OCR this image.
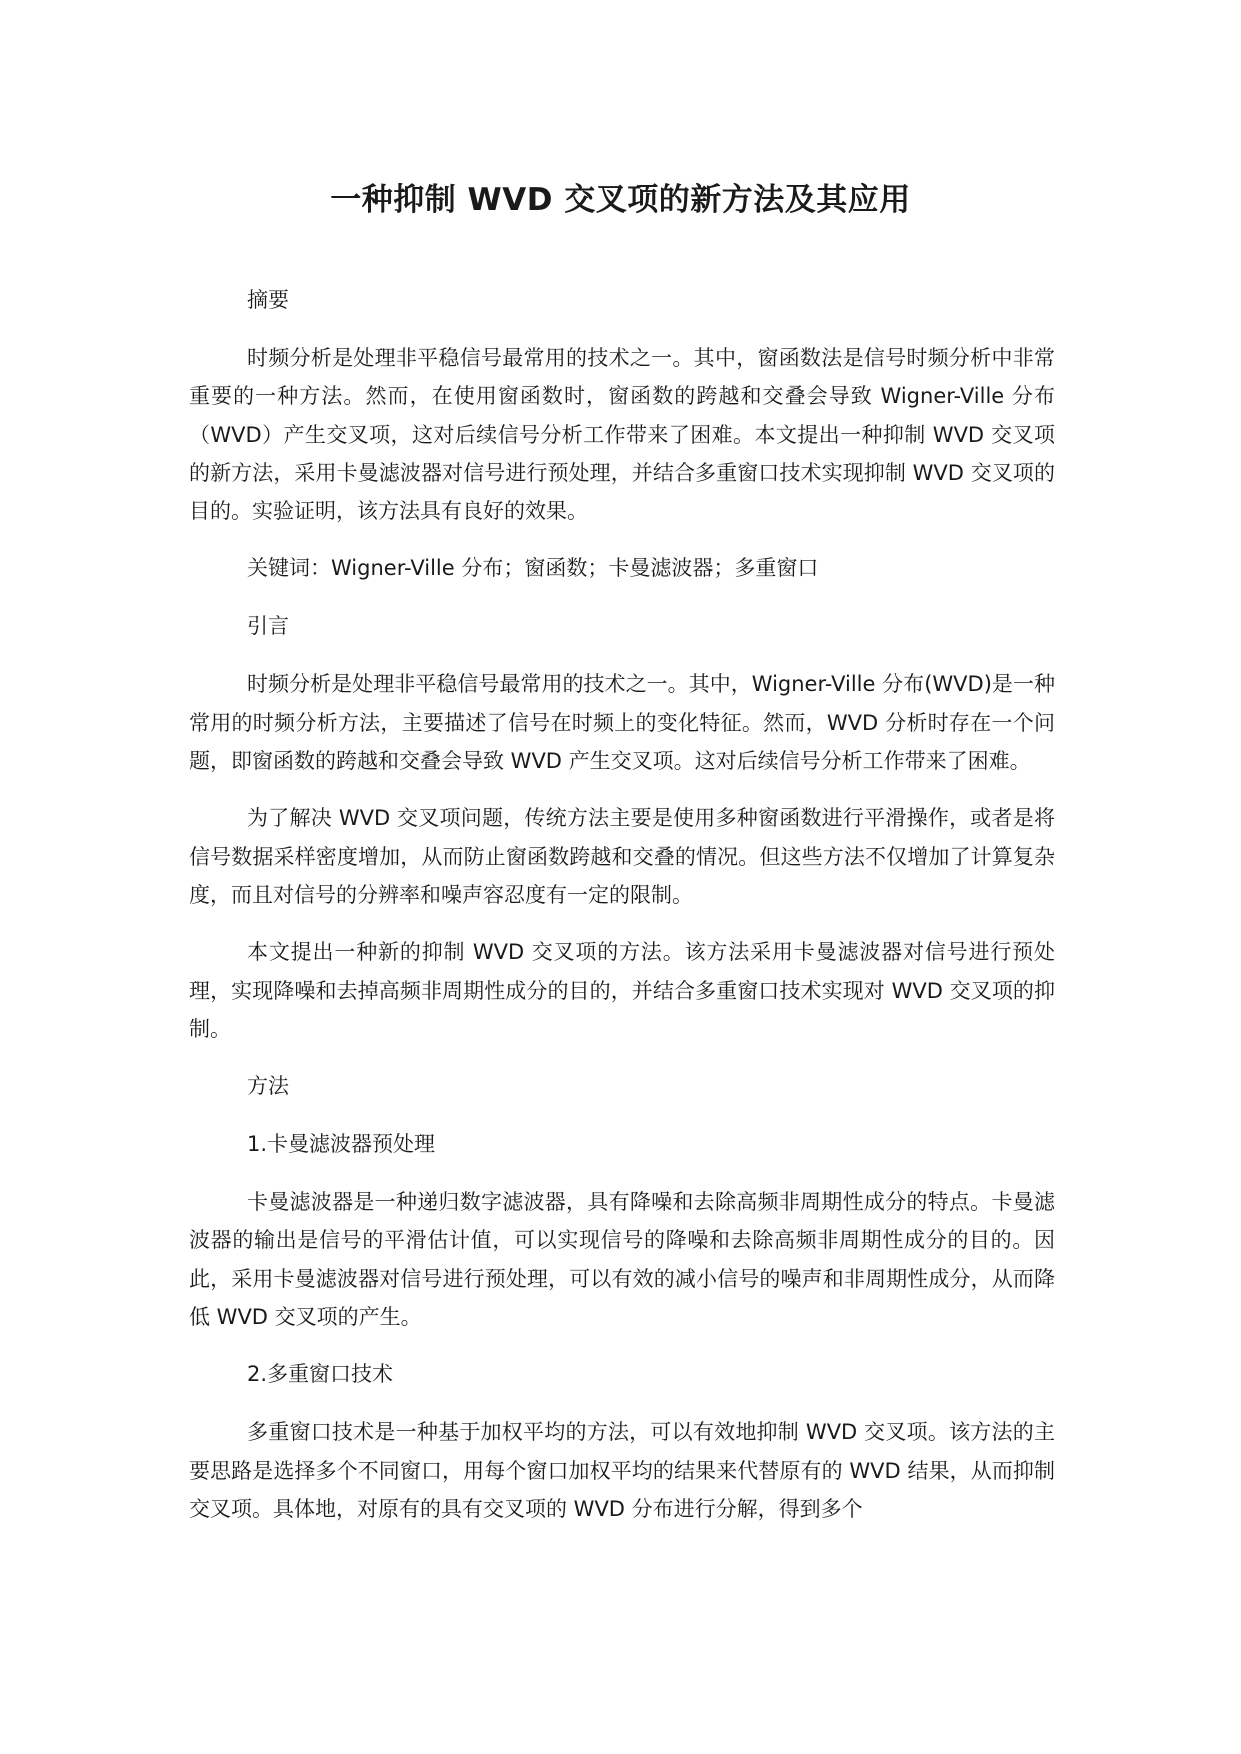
一种抑制 WVD 交叉项的新方法及其应用

摘要

时频分析是处理非平稳信号最常用的技术之一。其中，窗函数法是信号时频分析中非常重要的一种方法。然而，在使用窗函数时，窗函数的跨越和交叠会导致 Wigner-Ville 分布（WVD）产生交叉项，这对后续信号分析工作带来了困难。本文提出一种抑制 WVD 交叉项的新方法，采用卡曼滤波器对信号进行预处理，并结合多重窗口技术实现抑制 WVD 交叉项的目的。实验证明，该方法具有良好的效果。

关键词：Wigner-Ville 分布；窗函数；卡曼滤波器；多重窗口

引言

时频分析是处理非平稳信号最常用的技术之一。其中，Wigner-Ville 分布(WVD)是一种常用的时频分析方法，主要描述了信号在时频上的变化特征。然而，WVD 分析时存在一个问题，即窗函数的跨越和交叠会导致 WVD 产生交叉项。这对后续信号分析工作带来了困难。

为了解决 WVD 交叉项问题，传统方法主要是使用多种窗函数进行平滑操作，或者是将信号数据采样密度增加，从而防止窗函数跨越和交叠的情况。但这些方法不仅增加了计算复杂度，而且对信号的分辨率和噪声容忍度有一定的限制。

本文提出一种新的抑制 WVD 交叉项的方法。该方法采用卡曼滤波器对信号进行预处理，实现降噪和去掉高频非周期性成分的目的，并结合多重窗口技术实现对 WVD 交叉项的抑制。

方法

1.卡曼滤波器预处理

卡曼滤波器是一种递归数字滤波器，具有降噪和去除高频非周期性成分的特点。卡曼滤波器的输出是信号的平滑估计值，可以实现信号的降噪和去除高频非周期性成分的目的。因此，采用卡曼滤波器对信号进行预处理，可以有效的减小信号的噪声和非周期性成分，从而降低 WVD 交叉项的产生。

2.多重窗口技术

多重窗口技术是一种基于加权平均的方法，可以有效地抑制 WVD 交叉项。该方法的主要思路是选择多个不同窗口，用每个窗口加权平均的结果来代替原有的 WVD 结果，从而抑制交叉项。具体地，对原有的具有交叉项的 WVD 分布进行分解，得到多个
